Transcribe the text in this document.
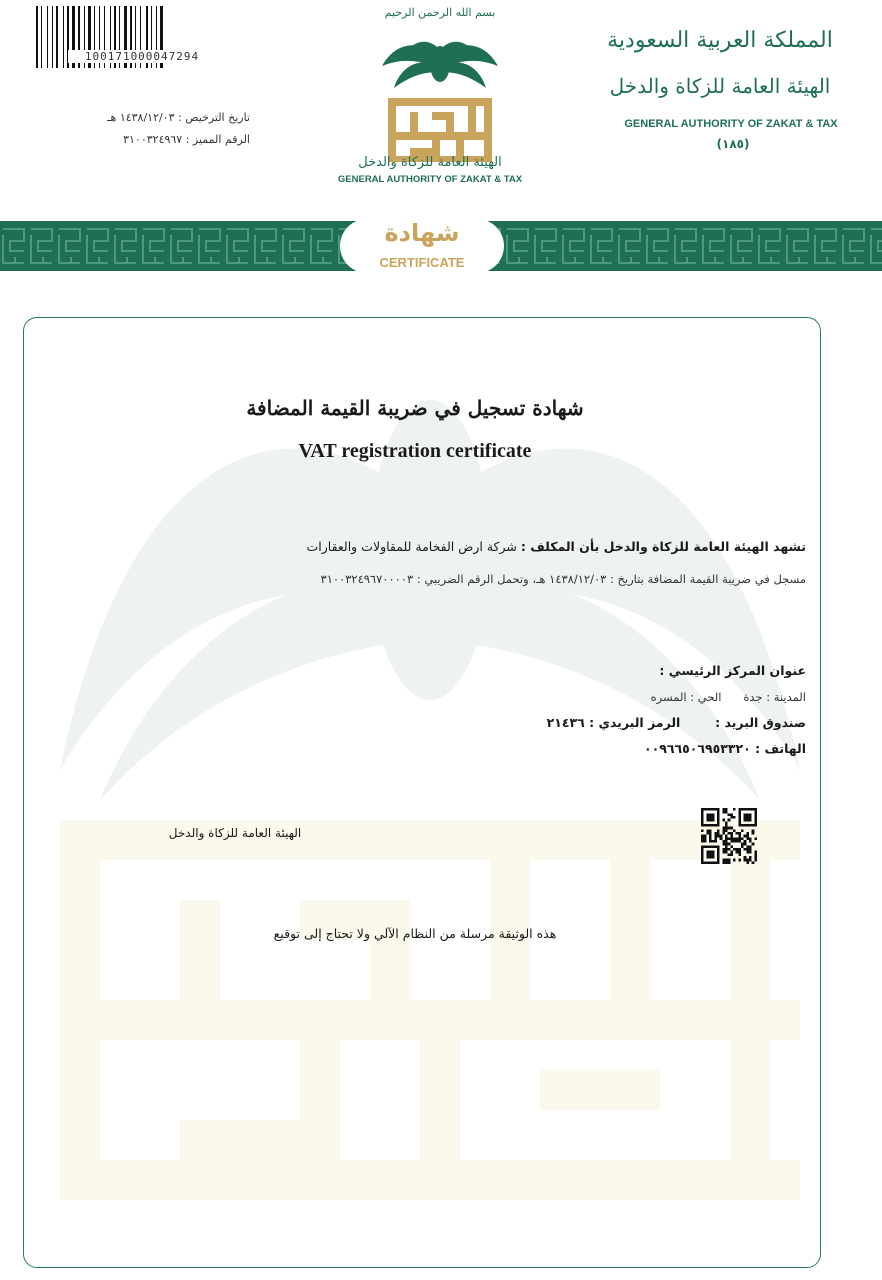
100171000047294
تاريخ الترخيص : ١٤٣٨/١٢/٠٣ هـ
الرقم المميز : ٣١٠٠٣٢٤٩٦٧
بسم الله الرحمن الرحيم
الهيئة العامة للزكاة والدخل
GENERAL AUTHORITY OF ZAKAT & TAX
المملكة العربية السعودية
الهيئة العامة للزكاة والدخل
GENERAL AUTHORITY OF ZAKAT & TAX
(١٨٥)
شهادة
CERTIFICATE
شهادة تسجيل في ضريبة القيمة المضافة
VAT registration certificate
تشهد الهيئة العامة للزكاة والدخل بأن المكلف : شركة ارض الفخامة للمقاولات والعقارات
مسجل في ضريبة القيمة المضافة بتاريخ : ١٤٣٨/١٢/٠٣ هـ، وتحمل الرقم الضريبي : ٣١٠٠٣٢٤٩٦٧٠٠٠٠٣
عنوان المركز الرئيسي :
المدينة : جدة      الحي : المسره
صندوق البريد :        الرمز البريدي : ٢١٤٣٦
الهاتف : ٠٠٩٦٦٥٠٦٩٥٣٣٢٠
الهيئة العامة للزكاة والدخل
هذه الوثيقة مرسلة من النظام الآلي ولا تحتاج إلى توقيع
